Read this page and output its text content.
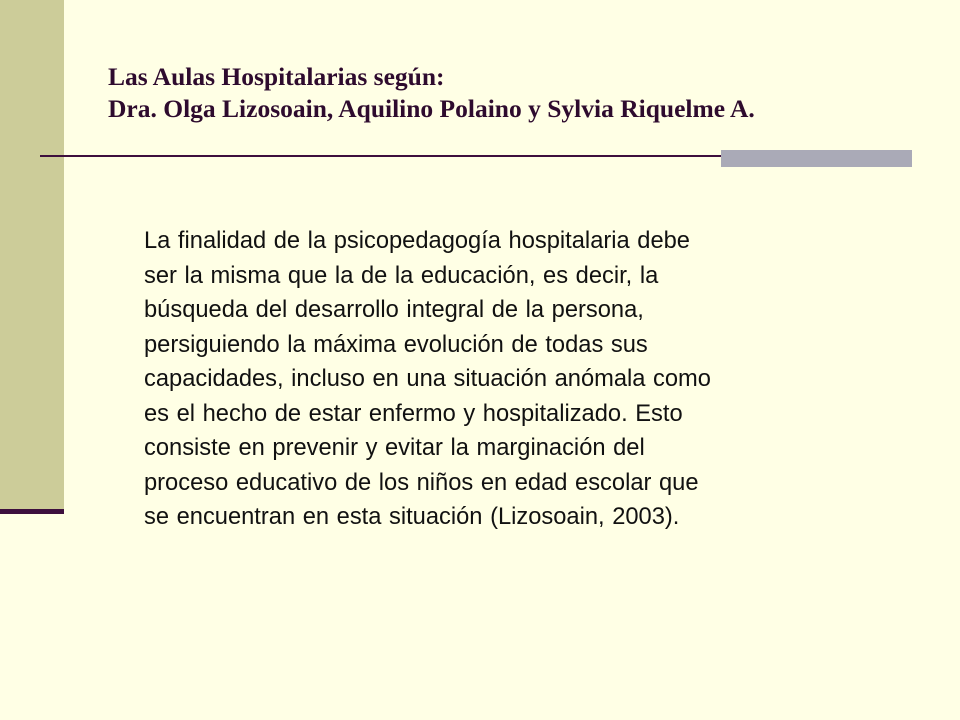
Las Aulas Hospitalarias según:
Dra. Olga Lizosoain, Aquilino Polaino y Sylvia Riquelme A.
La finalidad de la psicopedagogía hospitalaria debe
ser la misma que la de la educación, es decir, la
búsqueda del desarrollo integral de la persona,
persiguiendo la máxima evolución de todas sus
capacidades, incluso en una situación anómala como
es el hecho de estar enfermo y hospitalizado. Esto
consiste en prevenir y evitar la marginación del
proceso educativo de los niños en edad escolar que
se encuentran en esta situación (Lizosoain, 2003).
